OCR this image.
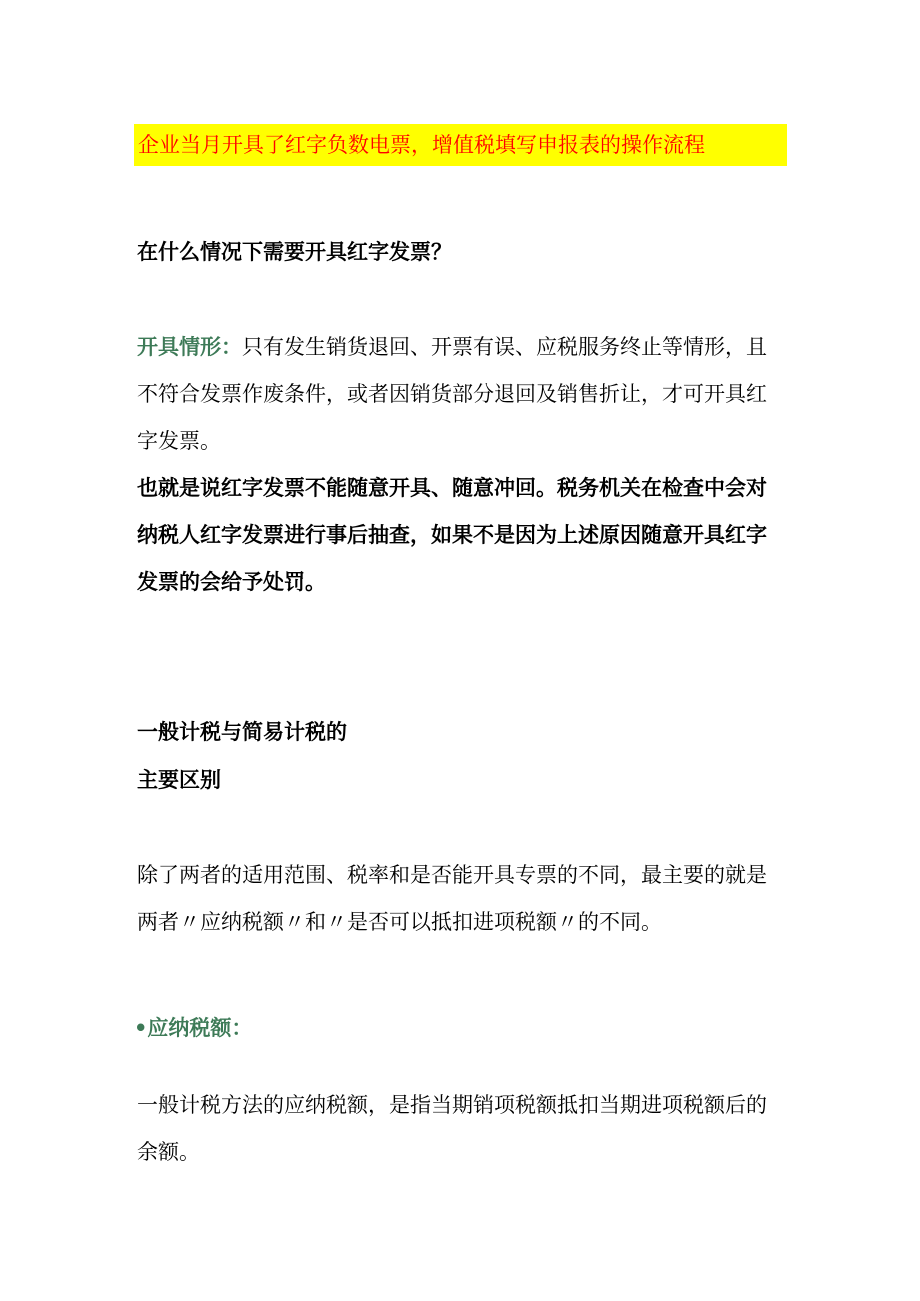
企业当月开具了红字负数电票，增值税填写申报表的操作流程
在什么情况下需要开具红字发票？
开具情形：只有发生销货退回、开票有误、应税服务终止等情形，且不符合发票作废条件，或者因销货部分退回及销售折让，才可开具红字发票。
也就是说红字发票不能随意开具、随意冲回。税务机关在检查中会对纳税人红字发票进行事后抽查，如果不是因为上述原因随意开具红字发票的会给予处罚。
一般计税与简易计税的
主要区别
除了两者的适用范围、税率和是否能开具专票的不同，最主要的就是两者〃应纳税额〃和〃是否可以抵扣进项税额〃的不同。
•应纳税额：
一般计税方法的应纳税额，是指当期销项税额抵扣当期进项税额后的余额。
